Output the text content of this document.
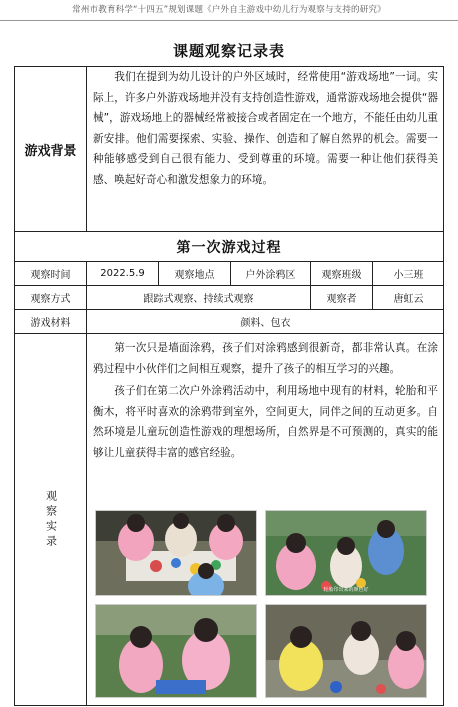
常州市教育科学“十四五”规划课题《户外自主游戏中幼儿行为观察与支持的研究》
课题观察记录表
游戏背景

我们在提到为幼儿设计的户外区域时，经常使用“游戏场地”一词。实际上，许多户外游戏场地并没有支持创造性游戏，通常游戏场地会提供“器械”，游戏场地上的器械经常被接合或者固定在一个地方，不能任由幼儿重新安排。他们需要探索、实验、操作、创造和了解自然界的机会。需要一种能够感受到自己很有能力、受到尊重的环境。需要一种让他们获得美感、唤起好奇心和激发想象力的环境。

第一次游戏过程
观察时间	2022.5.9	观察地点	户外涂鸦区	观察班级	小三班
观察方式	跟踪式观察、持续式观察	观察者	唐虹云
游戏材料	颜料、包衣
观察实录

第一次只是墙面涂鸦，孩子们对涂鸦感到很新奇，都非常认真。在涂鸦过程中小伙伴们之间相互观察，提升了孩子的相互学习的兴趣。

孩子们在第二次户外涂鸦活动中，利用场地中现有的材料，轮胎和平衡木，将平时喜欢的涂鸦带到室外，空间更大，同伴之间的互动更多。自然环境是儿童玩创造性游戏的理想场所，自然界是不可预测的，真实的能够让儿童获得丰富的感官经验。

轮胎印出来的颜色好
